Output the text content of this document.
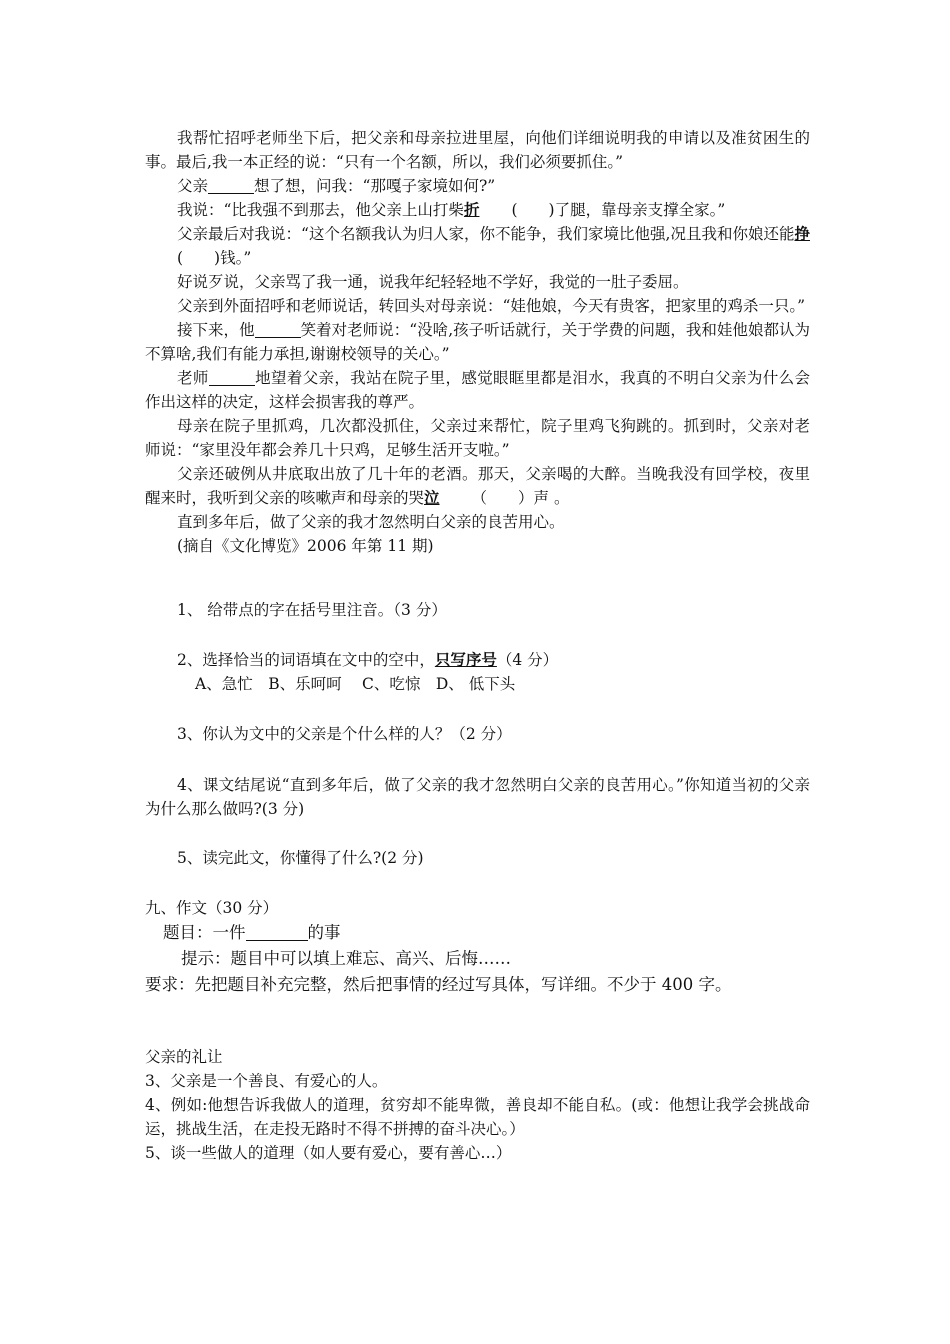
我帮忙招呼老师坐下后，把父亲和母亲拉进里屋，向他们详细说明我的申请以及准贫困生的事。最后,我一本正经的说：“只有一个名额，所以，我们必须要抓住。”

父亲	想了想，问我：“那嘎子家境如何?”

我说：“比我强不到那去，他父亲上山打柴折 (　　)了腿，靠母亲支撑全家。”

父亲最后对我说：“这个名额我认为归人家，你不能争，我们家境比他强,况且我和你娘还能挣(　　)钱。”

好说歹说，父亲骂了我一通，说我年纪轻轻地不学好，我觉的一肚子委屈。

父亲到外面招呼和老师说话，转回头对母亲说：“娃他娘，今天有贵客，把家里的鸡杀一只。”

接下来，他	笑着对老师说：“没啥,孩子听话就行，关于学费的问题，我和娃他娘都认为不算啥,我们有能力承担,谢谢校领导的关心。”

老师	地望着父亲，我站在院子里，感觉眼眶里都是泪水，我真的不明白父亲为什么会作出这样的决定，这样会损害我的尊严。

母亲在院子里抓鸡，几次都没抓住，父亲过来帮忙，院子里鸡飞狗跳的。抓到时，父亲对老师说：“家里没年都会养几十只鸡，足够生活开支啦。”

父亲还破例从井底取出放了几十年的老酒。那天，父亲喝的大醉。当晚我没有回学校，夜里醒来时，我听到父亲的咳嗽声和母亲的哭泣 （　　）声 。

直到多年后，做了父亲的我才忽然明白父亲的良苦用心。

(摘自《文化博览》2006 年第 11 期)

1、 给带点的字在括号里注音。（3 分）

2、选择恰当的词语填在文中的空中，只写序号（4 分）

A、急忙　B、乐呵呵　 C、吃惊　D、 低下头

3、你认为文中的父亲是个什么样的人？（2 分）

4、课文结尾说“直到多年后，做了父亲的我才忽然明白父亲的良苦用心。”你知道当初的父亲为什么那么做吗?(3 分)

5、读完此文，你懂得了什么?(2 分)

九、作文（30 分）

题目：一件	的事

提示：题目中可以填上难忘、高兴、后悔……

要求：先把题目补充完整，然后把事情的经过写具体，写详细。不少于 400 字。

父亲的礼让

3、父亲是一个善良、有爱心的人。

4、例如:他想告诉我做人的道理，贫穷却不能卑微，善良却不能自私。(或：他想让我学会挑战命运，挑战生活，在走投无路时不得不拼搏的奋斗决心。）

5、谈一些做人的道理（如人要有爱心，要有善心…）
